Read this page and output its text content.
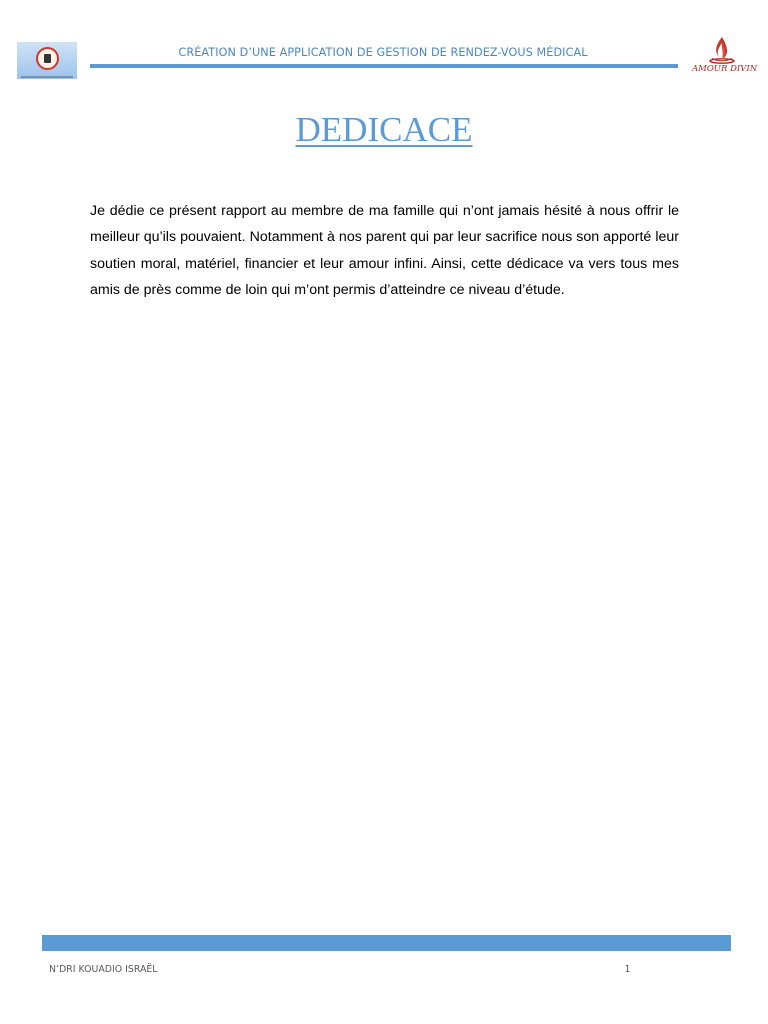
CRÉATION D’UNE APPLICATION DE GESTION DE RENDEZ-VOUS MÉDICAL
AMOUR DIVIN
DEDICACE

Je dédie ce présent rapport au membre de ma famille qui n’ont jamais hésité à nous offrir le meilleur qu’ils pouvaient. Notamment à nos parent qui par leur sacrifice nous son apporté leur soutien moral, matériel, financier et leur amour infini. Ainsi, cette dédicace va vers tous mes amis de près comme de loin qui m’ont permis d’atteindre ce niveau d’étude.

N’DRI KOUADIO ISRAËL	1
